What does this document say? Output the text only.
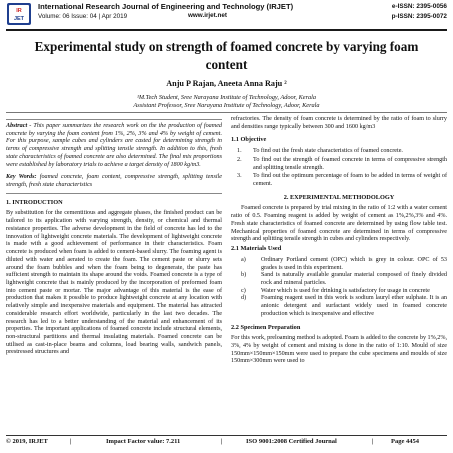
IR
JET
International Research Journal of Engineering and Technology (IRJET)
Volume: 06 Issue: 04 | Apr 2019	www.irjet.net
e-ISSN: 2395-0056
p-ISSN: 2395-0072
Experimental study on strength of foamed concrete by varying foam content
Anju P Rajan, Aneeta Anna Raju ²
¹M.Tech Student, Sree Narayana Institute of Technology, Adoor, Kerala
Assistant Professor, Sree Narayana Institute of Technology, Adoor, Kerala

Abstract - This paper summarizes the research work on the the production of foamed concrete by varying the foam content from 1%, 2%, 3% and 4% by weight of cement. For this purpose, sample cubes and cylinders are casted for determining strength in terms of compressive strength and splitting tensile strength. In addition to this, fresh state characteristics of foamed concrete are also determined. The final mix proportions were established by laboratory trials to achieve a target density of 1800 kg/m3.

Key Words: foamed concrete, foam content, compressive strength, splitting tensile strength, fresh state characteristics

1. INTRODUCTION

By substitution for the cementitious and aggregate phases, the finished product can be tailored to its application with varying strength, density, or chemical and thermal resistance properties. The adverse development in the field of concrete has led to the innovation of lightweight concrete materials. The development of lightweight concrete is made with a good achievement of performance in their characteristics. Foam concrete is produced when foam is added to cement-based slurry. The foaming agent is diluted with water and aerated to create the foam. The cement paste or slurry sets around the foam bubbles and when the foam being to degenerate, the paste has sufficient strength to maintain its shape around the voids. Foamed concrete is a type of lightweight concrete that is mainly produced by the incorporation of preformed foam into cement paste or mortar. The major advantage of this material is the ease of production that makes it possible to produce lightweight concrete at any location with relatively simple and inexpensive materials and equipment. The material has attracted considerable research effort worldwide, particularly in the last two decades. The research has led to a better understanding of the material and enhancement of its properties. The important applications of foamed concrete include structural elements, non-structural partitions and thermal insulating materials. Foamed concrete can be utilised as cast-in-place beams and columns, load bearing walls, sandwich panels, prestressed structures and

refractories. The density of foam concrete is determined by the ratio of foam to slurry and densities range typically between 300 and 1600 kg/m3

1.1 Objective
1. To find out the fresh state characteristics of foamed concrete.
2. To find out the strength of foamed concrete in terms of compressive strength and splitting tensile strength.
3. To find out the optimum percentage of foam to be added in terms of weight of cement.
2. EXPERIMENTAL METHODOLOGY

Foamed concrete is prepared by trial mixing in the ratio of 1:2 with a water cement ratio of 0.5. Foaming reagent is added by weight of cement as 1%,2%,3% and 4%. Fresh state characteristics of foamed concrete are determined by using flow table test. Mechanical properties of foamed concrete are determined in terms of compressive strength and splitting tensile strength in cubes and cylinders respectively.

2.1 Materials Used
a) Ordinary Portland cement (OPC) which is grey in colour. OPC of 53 grades is used in this experiment.
b) Sand is naturally available granular material composed of finely divided rock and mineral particles.
c) Water which is used for drinking is satisfactory for usage in concrete
d) Foaming reagent used in this work is sodium lauryl ether sulphate. It is an anionic detergent and surfactant widely used in foamed concrete production which is inexpensive and effective
2.2 Specimen Preparation

For this work, preloaming method is adopted. Foam is added to the concrete by 1%,2%, 3%, 4% by weight of cement and mixing is done in the ratio of 1:10. Mould of size 150mm×150mm×150mm were used to prepare the cube specimens and moulds of size 150mm×300mm were used to

© 2019, IRJET	|	Impact Factor value: 7.211	|	ISO 9001:2008 Certified Journal	|	Page 4454
